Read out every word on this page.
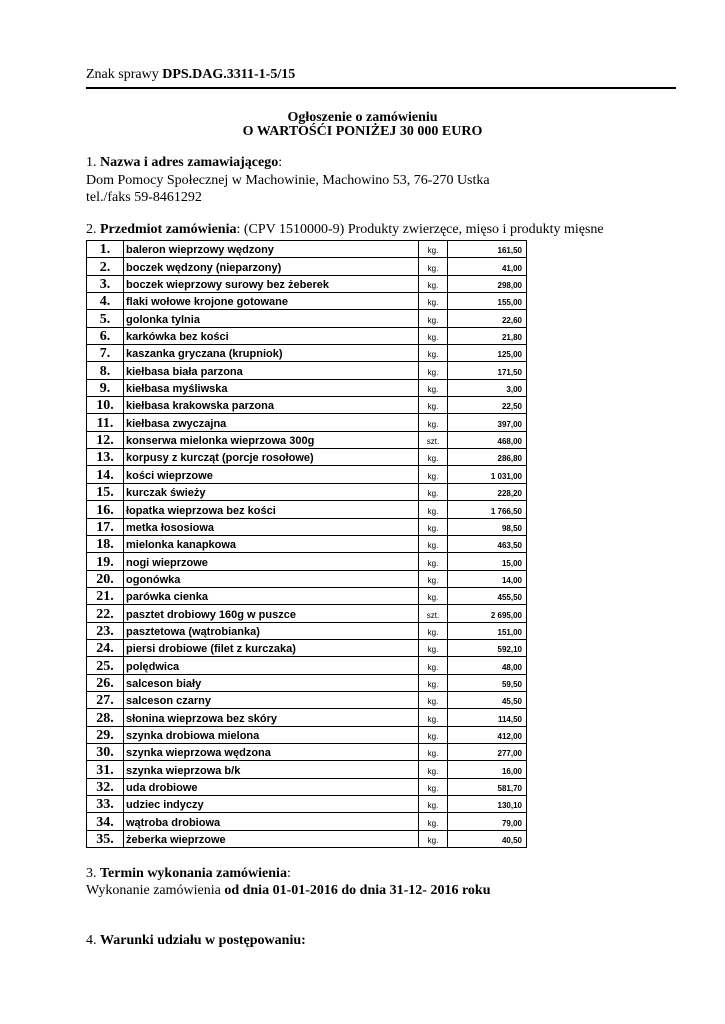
Znak sprawy DPS.DAG.3311-1-5/15
Ogłoszenie o zamówieniu
O WARTOŚĆI PONIŻEJ 30 000 EURO
1. Nazwa i adres zamawiającego:
Dom Pomocy Społecznej w Machowinie, Machowino 53, 76-270 Ustka
tel./faks 59-8461292
2. Przedmiot zamówienia: (CPV 1510000-9) Produkty zwierzęce, mięso i produkty mięsne
1.	baleron wieprzowy wędzony	kg.	161,50
2.	boczek wędzony (nieparzony)	kg.	41,00
3.	boczek wieprzowy surowy bez żeberek	kg.	298,00
4.	flaki wołowe krojone gotowane	kg.	155,00
5.	golonka tylnia	kg.	22,60
6.	karkówka bez kości	kg.	21,80
7.	kaszanka gryczana (krupniok)	kg.	125,00
8.	kiełbasa biała parzona	kg.	171,50
9.	kiełbasa myśliwska	kg.	3,00
10.	kiełbasa krakowska parzona	kg.	22,50
11.	kiełbasa zwyczajna	kg.	397,00
12.	konserwa mielonka wieprzowa 300g	szt.	468,00
13.	korpusy z kurcząt (porcje rosołowe)	kg.	286,80
14.	kości wieprzowe	kg.	1 031,00
15.	kurczak świeży	kg.	228,20
16.	łopatka wieprzowa bez kości	kg.	1 766,50
17.	metka łososiowa	kg.	98,50
18.	mielonka kanapkowa	kg.	463,50
19.	nogi wieprzowe	kg.	15,00
20.	ogonówka	kg.	14,00
21.	parówka cienka	kg.	455,50
22.	pasztet drobiowy 160g w puszce	szt.	2 695,00
23.	pasztetowa (wątrobianka)	kg.	151,00
24.	piersi drobiowe (filet z kurczaka)	kg.	592,10
25.	polędwica	kg.	48,00
26.	salceson biały	kg.	59,50
27.	salceson czarny	kg.	45,50
28.	słonina wieprzowa bez skóry	kg.	114,50
29.	szynka drobiowa mielona	kg.	412,00
30.	szynka wieprzowa wędzona	kg.	277,00
31.	szynka wieprzowa b/k	kg.	16,00
32.	uda drobiowe	kg.	581,70
33.	udziec indyczy	kg.	130,10
34.	wątroba drobiowa	kg.	79,00
35.	żeberka wieprzowe	kg.	40,50
3. Termin wykonania zamówienia:
Wykonanie zamówienia od dnia 01-01-2016 do dnia 31-12- 2016 roku
4. Warunki udziału w postępowaniu:
